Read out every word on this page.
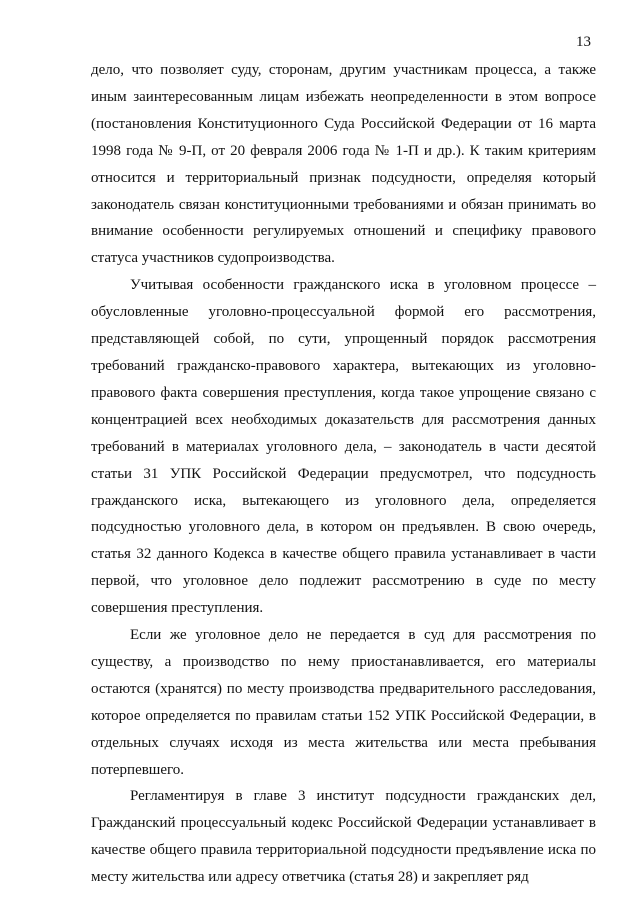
13

дело, что позволяет суду, сторонам, другим участникам процесса, а также иным заинтересованным лицам избежать неопределенности в этом вопросе (постановления Конституционного Суда Российской Федерации от 16 марта 1998 года № 9-П, от 20 февраля 2006 года № 1-П и др.). К таким критериям относится и территориальный признак подсудности, определяя который законодатель связан конституционными требованиями и обязан принимать во внимание особенности регулируемых отношений и специфику правового статуса участников судопроизводства.

Учитывая особенности гражданского иска в уголовном процессе – обусловленные уголовно-процессуальной формой его рассмотрения, представляющей собой, по сути, упрощенный порядок рассмотрения требований гражданско-правового характера, вытекающих из уголовно-правового факта совершения преступления, когда такое упрощение связано с концентрацией всех необходимых доказательств для рассмотрения данных требований в материалах уголовного дела, – законодатель в части десятой статьи 31 УПК Российской Федерации предусмотрел, что подсудность гражданского иска, вытекающего из уголовного дела, определяется подсудностью уголовного дела, в котором он предъявлен. В свою очередь, статья 32 данного Кодекса в качестве общего правила устанавливает в части первой, что уголовное дело подлежит рассмотрению в суде по месту совершения преступления.

Если же уголовное дело не передается в суд для рассмотрения по существу, а производство по нему приостанавливается, его материалы остаются (хранятся) по месту производства предварительного расследования, которое определяется по правилам статьи 152 УПК Российской Федерации, в отдельных случаях исходя из места жительства или места пребывания потерпевшего.

Регламентируя в главе 3 институт подсудности гражданских дел, Гражданский процессуальный кодекс Российской Федерации устанавливает в качестве общего правила территориальной подсудности предъявление иска по месту жительства или адресу ответчика (статья 28) и закрепляет ряд
